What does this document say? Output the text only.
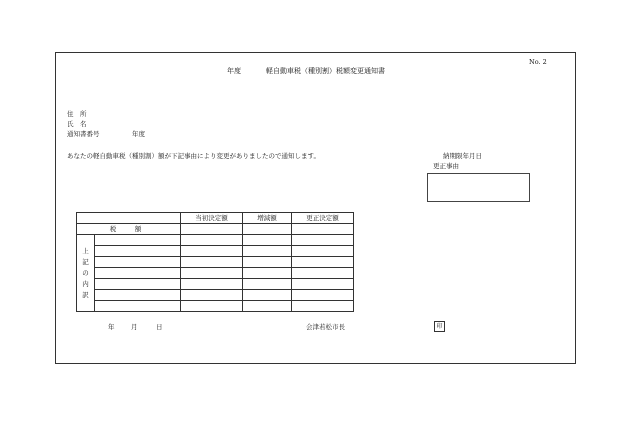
No. 2
年度	軽自動車税（種別割）税額変更通知書
住　所
氏　名
通知書番号	年度
あなたの軽自動車税（種別割）額が下記事由により変更がありましたので通知します。	納期限年月日
更正事由
		当初決定額	増減額	更正決定額
税　額				

上
記
の
内
訳				

年	月	日	会津若松市長	印
